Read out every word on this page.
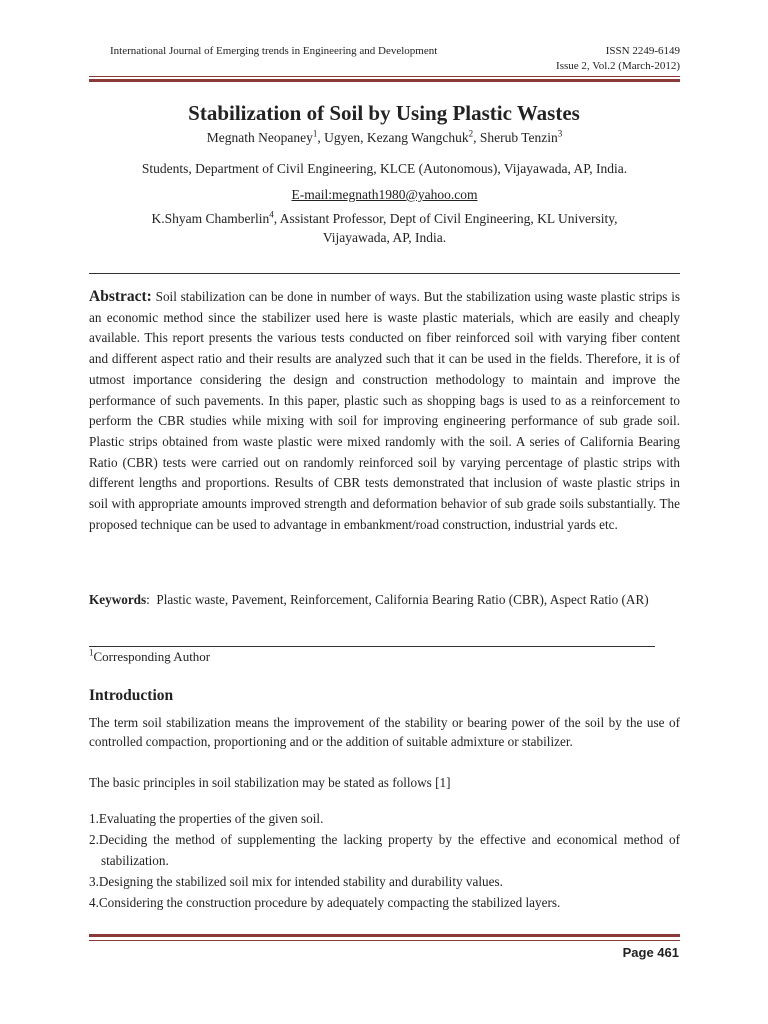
International Journal of Emerging trends in Engineering and Development	ISSN 2249-6149
Issue 2, Vol.2 (March-2012)
Stabilization of Soil by Using Plastic Wastes
Megnath Neopaney$^1$, Ugyen, Kezang Wangchuk$^2$, Sherub Tenzin$^3$
Students, Department of Civil Engineering, KLCE (Autonomous), Vijayawada, AP, India.
E-mail:megnath1980@yahoo.com
K.Shyam Chamberlin$^4$, Assistant Professor, Dept of Civil Engineering, KL University,
Vijayawada, AP, India.
Abstract: Soil stabilization can be done in number of ways. But the stabilization using waste plastic strips is an economic method since the stabilizer used here is waste plastic materials, which are easily and cheaply available. This report presents the various tests conducted on fiber reinforced soil with varying fiber content and different aspect ratio and their results are analyzed such that it can be used in the fields. Therefore, it is of utmost importance considering the design and construction methodology to maintain and improve the performance of such pavements. In this paper, plastic such as shopping bags is used to as a reinforcement to perform the CBR studies while mixing with soil for improving engineering performance of sub grade soil. Plastic strips obtained from waste plastic were mixed randomly with the soil. A series of California Bearing Ratio (CBR) tests were carried out on randomly reinforced soil by varying percentage of plastic strips with different lengths and proportions. Results of CBR tests demonstrated that inclusion of waste plastic strips in soil with appropriate amounts improved strength and deformation behavior of sub grade soils substantially. The proposed technique can be used to advantage in embankment/road construction, industrial yards etc.
Keywords: Plastic waste, Pavement, Reinforcement, California Bearing Ratio (CBR), Aspect Ratio (AR)
$^1$Corresponding Author
Introduction
The term soil stabilization means the improvement of the stability or bearing power of the soil by the use of controlled compaction, proportioning and or the addition of suitable admixture or stabilizer.
The basic principles in soil stabilization may be stated as follows [1]
1.Evaluating the properties of the given soil.
2.Deciding the method of supplementing the lacking property by the effective and economical method of stabilization.
3.Designing the stabilized soil mix for intended stability and durability values.
4.Considering the construction procedure by adequately compacting the stabilized layers.
Page 461
